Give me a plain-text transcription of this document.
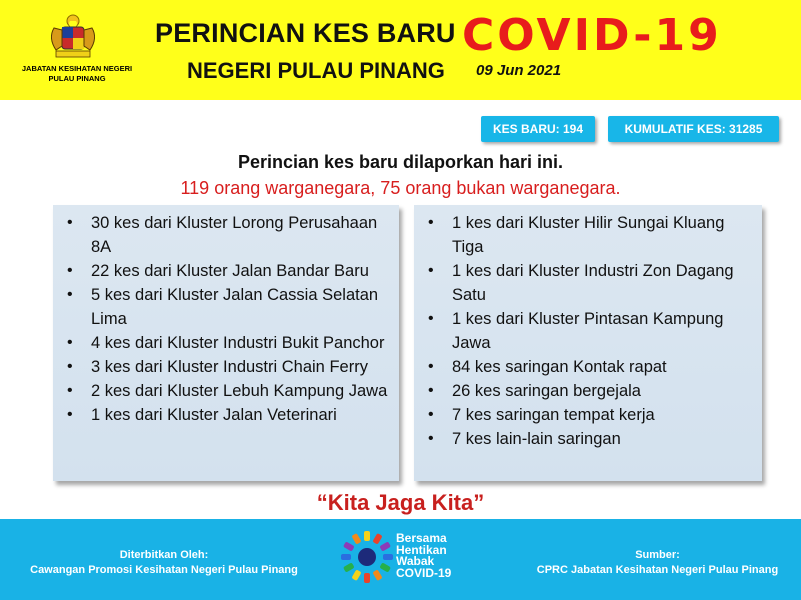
JABATAN KESIHATAN NEGERI
PULAU PINANG
PERINCIAN KES BARU
NEGERI PULAU PINANG
COVID-19
09 Jun 2021
KES BARU: 194	KUMULATIF KES: 31285
Perincian kes baru dilaporkan hari ini.
119 orang warganegara, 75 orang bukan warganegara.
• 30 kes dari Kluster Lorong Perusahaan 8A
• 22 kes dari Kluster Jalan Bandar Baru
• 5 kes dari Kluster Jalan Cassia Selatan Lima
• 4 kes dari Kluster Industri Bukit Panchor
• 3 kes dari Kluster Industri Chain Ferry
• 2 kes dari Kluster Lebuh Kampung Jawa
• 1 kes dari Kluster Jalan Veterinari
• 1 kes dari Kluster Hilir Sungai Kluang Tiga
• 1 kes dari Kluster Industri Zon Dagang Satu
• 1 kes dari Kluster Pintasan Kampung Jawa
• 84 kes saringan Kontak rapat
• 26 kes saringan bergejala
• 7 kes saringan tempat kerja
• 7 kes lain-lain saringan
“Kita Jaga Kita”
Diterbitkan Oleh:
Cawangan Promosi Kesihatan Negeri Pulau Pinang
Sumber:
CPRC Jabatan Kesihatan Negeri Pulau Pinang
Bersama
Hentikan
Wabak
COVID-19
